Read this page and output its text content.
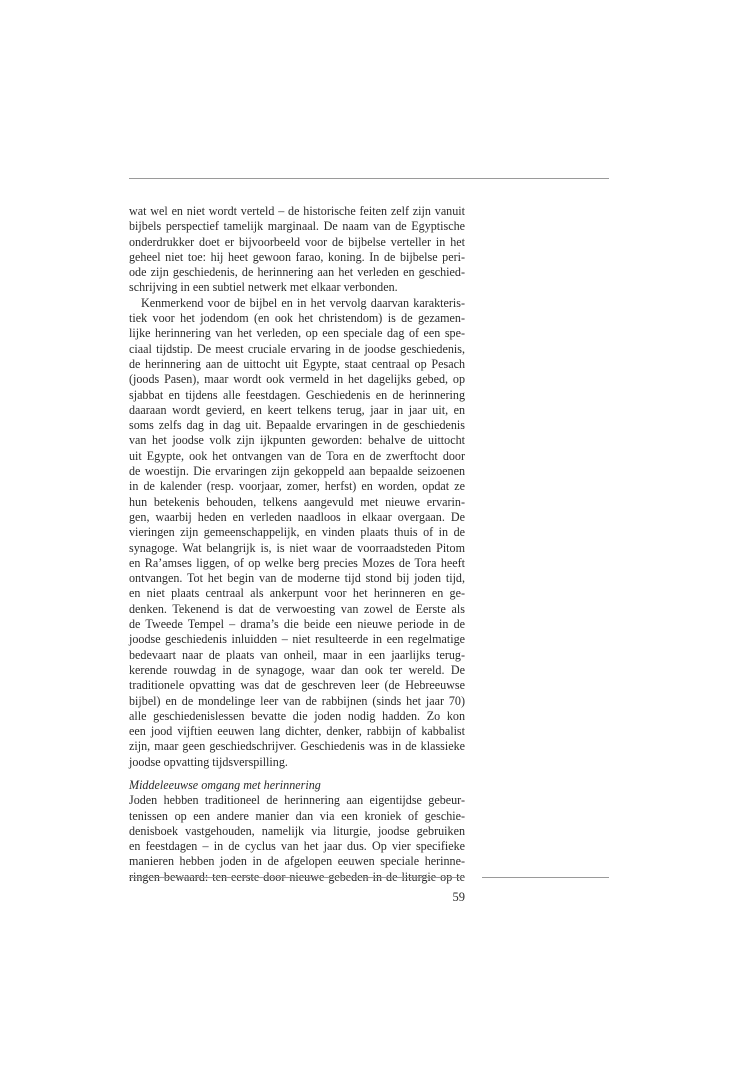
wat wel en niet wordt verteld – de historische feiten zelf zijn vanuit
bijbels perspectief tamelijk marginaal. De naam van de Egyptische
onderdrukker doet er bijvoorbeeld voor de bijbelse verteller in het
geheel niet toe: hij heet gewoon farao, koning. In de bijbelse peri-
ode zijn geschiedenis, de herinnering aan het verleden en geschied-
schrijving in een subtiel netwerk met elkaar verbonden.
Kenmerkend voor de bijbel en in het vervolg daarvan karakteris-
tiek voor het jodendom (en ook het christendom) is de gezamen-
lijke herinnering van het verleden, op een speciale dag of een spe-
ciaal tijdstip. De meest cruciale ervaring in de joodse geschiedenis,
de herinnering aan de uittocht uit Egypte, staat centraal op Pesach
(joods Pasen), maar wordt ook vermeld in het dagelijks gebed, op
sjabbat en tijdens alle feestdagen. Geschiedenis en de herinnering
daaraan wordt gevierd, en keert telkens terug, jaar in jaar uit, en
soms zelfs dag in dag uit. Bepaalde ervaringen in de geschiedenis
van het joodse volk zijn ijkpunten geworden: behalve de uittocht
uit Egypte, ook het ontvangen van de Tora en de zwerftocht door
de woestijn. Die ervaringen zijn gekoppeld aan bepaalde seizoenen
in de kalender (resp. voorjaar, zomer, herfst) en worden, opdat ze
hun betekenis behouden, telkens aangevuld met nieuwe ervarin-
gen, waarbij heden en verleden naadloos in elkaar overgaan. De
vieringen zijn gemeenschappelijk, en vinden plaats thuis of in de
synagoge. Wat belangrijk is, is niet waar de voorraadsteden Pitom
en Ra’amses liggen, of op welke berg precies Mozes de Tora heeft
ontvangen. Tot het begin van de moderne tijd stond bij joden tijd,
en niet plaats centraal als ankerpunt voor het herinneren en ge-
denken. Tekenend is dat de verwoesting van zowel de Eerste als
de Tweede Tempel – drama’s die beide een nieuwe periode in de
joodse geschiedenis inluidden – niet resulteerde in een regelmatige
bedevaart naar de plaats van onheil, maar in een jaarlijks terug-
kerende rouwdag in de synagoge, waar dan ook ter wereld. De
traditionele opvatting was dat de geschreven leer (de Hebreeuwse
bijbel) en de mondelinge leer van de rabbijnen (sinds het jaar 70)
alle geschiedenislessen bevatte die joden nodig hadden. Zo kon
een jood vijftien eeuwen lang dichter, denker, rabbijn of kabbalist
zijn, maar geen geschiedschrijver. Geschiedenis was in de klassieke
joodse opvatting tijdsverspilling.
Middeleeuwse omgang met herinnering
Joden hebben traditioneel de herinnering aan eigentijdse gebeur-
tenissen op een andere manier dan via een kroniek of geschie-
denisboek vastgehouden, namelijk via liturgie, joodse gebruiken
en feestdagen – in de cyclus van het jaar dus. Op vier specifieke
manieren hebben joden in de afgelopen eeuwen speciale herinne-
ringen bewaard: ten eerste door nieuwe gebeden in de liturgie op te
59
